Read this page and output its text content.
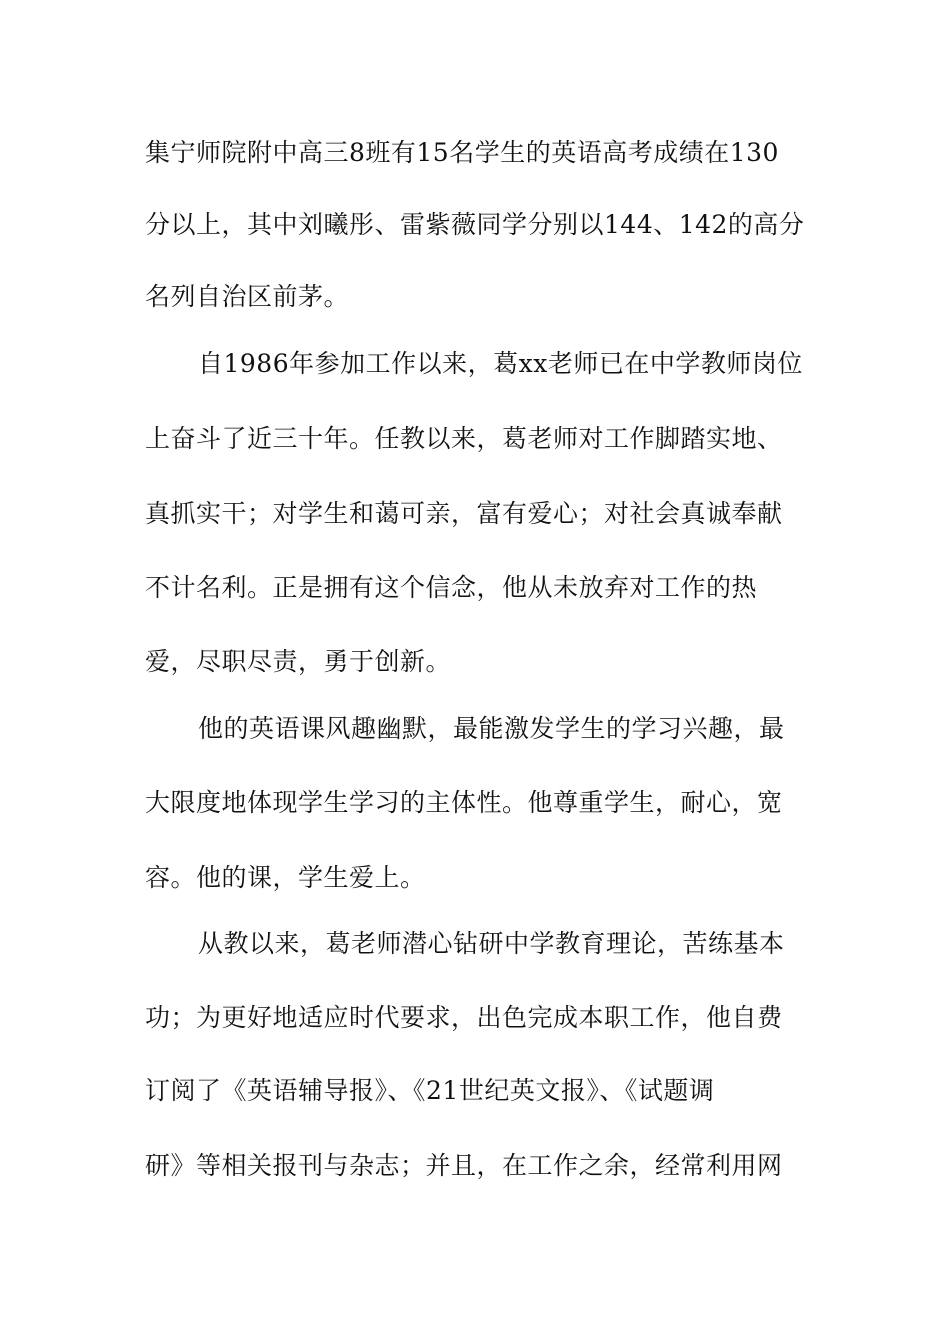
集宁师院附中高三8班有15名学生的英语高考成绩在130

分以上，其中刘曦彤、雷紫薇同学分别以144、142的高分

名列自治区前茅。

自1986年参加工作以来，葛xx老师已在中学教师岗位

上奋斗了近三十年。任教以来，葛老师对工作脚踏实地、

真抓实干；对学生和蔼可亲，富有爱心；对社会真诚奉献

不计名利。正是拥有这个信念，他从未放弃对工作的热

爱，尽职尽责，勇于创新。

他的英语课风趣幽默，最能激发学生的学习兴趣，最

大限度地体现学生学习的主体性。他尊重学生，耐心，宽

容。他的课，学生爱上。

从教以来，葛老师潜心钻研中学教育理论，苦练基本

功；为更好地适应时代要求，出色完成本职工作，他自费

订阅了《英语辅导报》、《21世纪英文报》、《试题调

研》等相关报刊与杂志；并且，在工作之余，经常利用网
